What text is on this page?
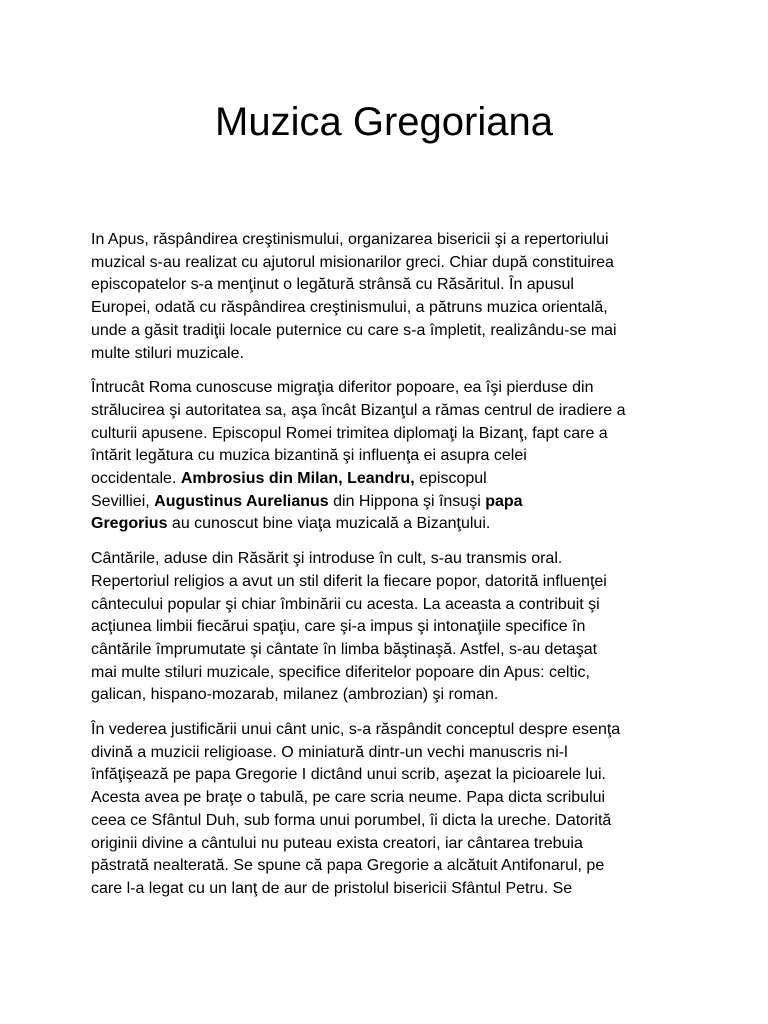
Muzica Gregoriana

In Apus, răspândirea creştinismului, organizarea bisericii şi a repertoriului
muzical s-au realizat cu ajutorul misionarilor greci. Chiar după constituirea
episcopatelor s-a menţinut o legătură strânsă cu Răsăritul. În apusul
Europei, odată cu răspândirea creştinismului, a pătruns muzica orientală,
unde a găsit tradiţii locale puternice cu care s-a împletit, realizându-se mai
multe stiluri muzicale.

Întrucât Roma cunoscuse migraţia diferitor popoare, ea îşi pierduse din
strălucirea şi autoritatea sa, aşa încât Bizanţul a rămas centrul de iradiere a
culturii apusene. Episcopul Romei trimitea diplomaţi la Bizanţ, fapt care a
întărit legătura cu muzica bizantină şi influenţa ei asupra celei
occidentale. Ambrosius din Milan, Leandru, episcopul
Sevilliei, Augustinus Aurelianus din Hippona şi însuşi papa
Gregorius au cunoscut bine viaţa muzicală a Bizanţului.

Cântările, aduse din Răsărit şi introduse în cult, s-au transmis oral.
Repertoriul religios a avut un stil diferit la fiecare popor, datorită influenţei
cântecului popular şi chiar îmbinării cu acesta. La aceasta a contribuit şi
acţiunea limbii fiecărui spaţiu, care şi-a impus şi intonaţiile specifice în
cântările împrumutate şi cântate în limba băştinaşă. Astfel, s-au detaşat
mai multe stiluri muzicale, specifice diferitelor popoare din Apus: celtic,
galican, hispano-mozarab, milanez (ambrozian) şi roman.

În vederea justificării unui cânt unic, s-a răspândit conceptul despre esenţa
divină a muzicii religioase. O miniatură dintr-un vechi manuscris ni-l
înfăţişează pe papa Gregorie I dictând unui scrib, aşezat la picioarele lui.
Acesta avea pe braţe o tabulă, pe care scria neume. Papa dicta scribului
ceea ce Sfântul Duh, sub forma unui porumbel, îi dicta la ureche. Datorită
originii divine a cântului nu puteau exista creatori, iar cântarea trebuia
păstrată nealterată. Se spune că papa Gregorie a alcătuit Antifonarul, pe
care l-a legat cu un lanţ de aur de pristolul bisericii Sfântul Petru. Se
